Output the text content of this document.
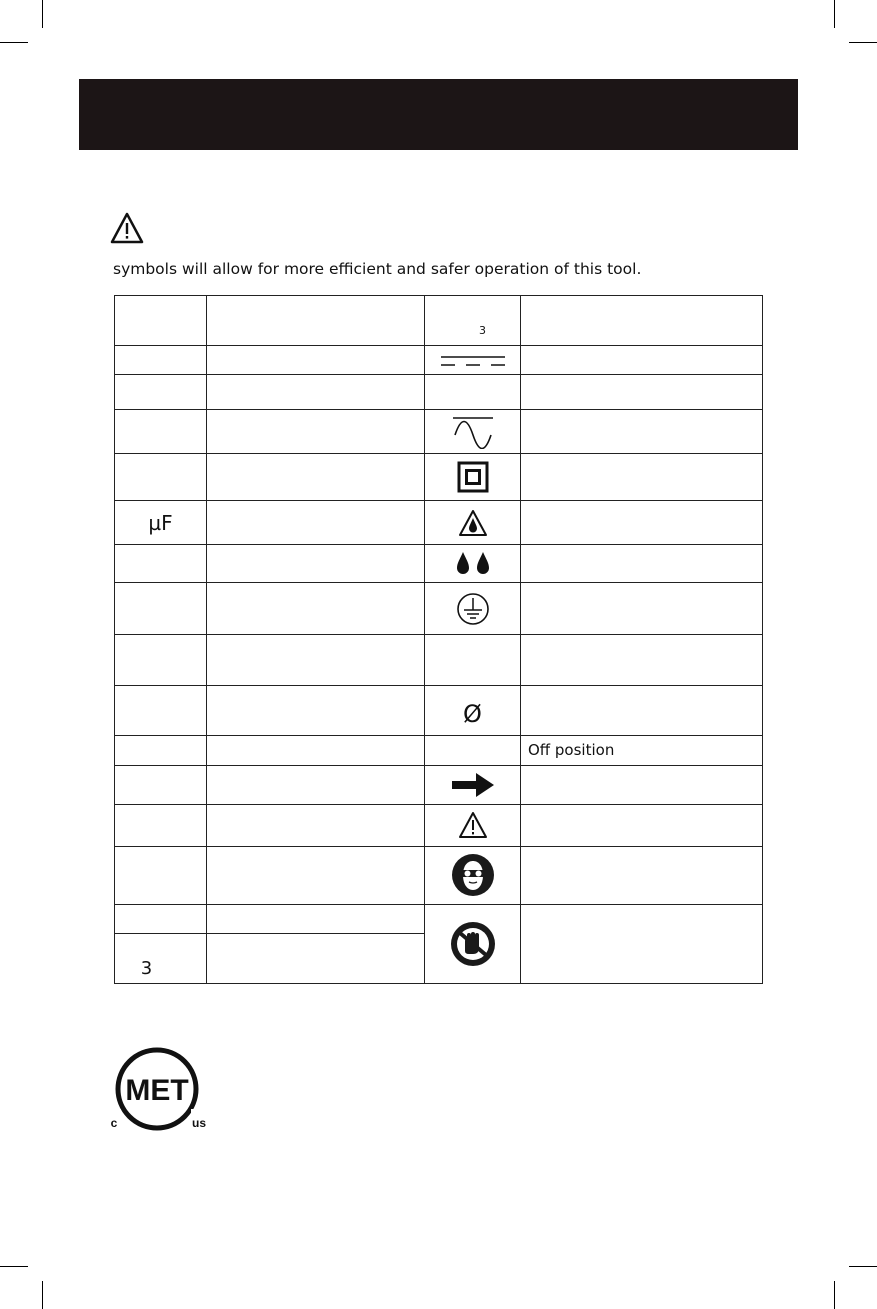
symbols will allow for more efficient and safer operation of this tool.
		3	

µF			

		Ø	
			Off position

3			
MET
c	us
